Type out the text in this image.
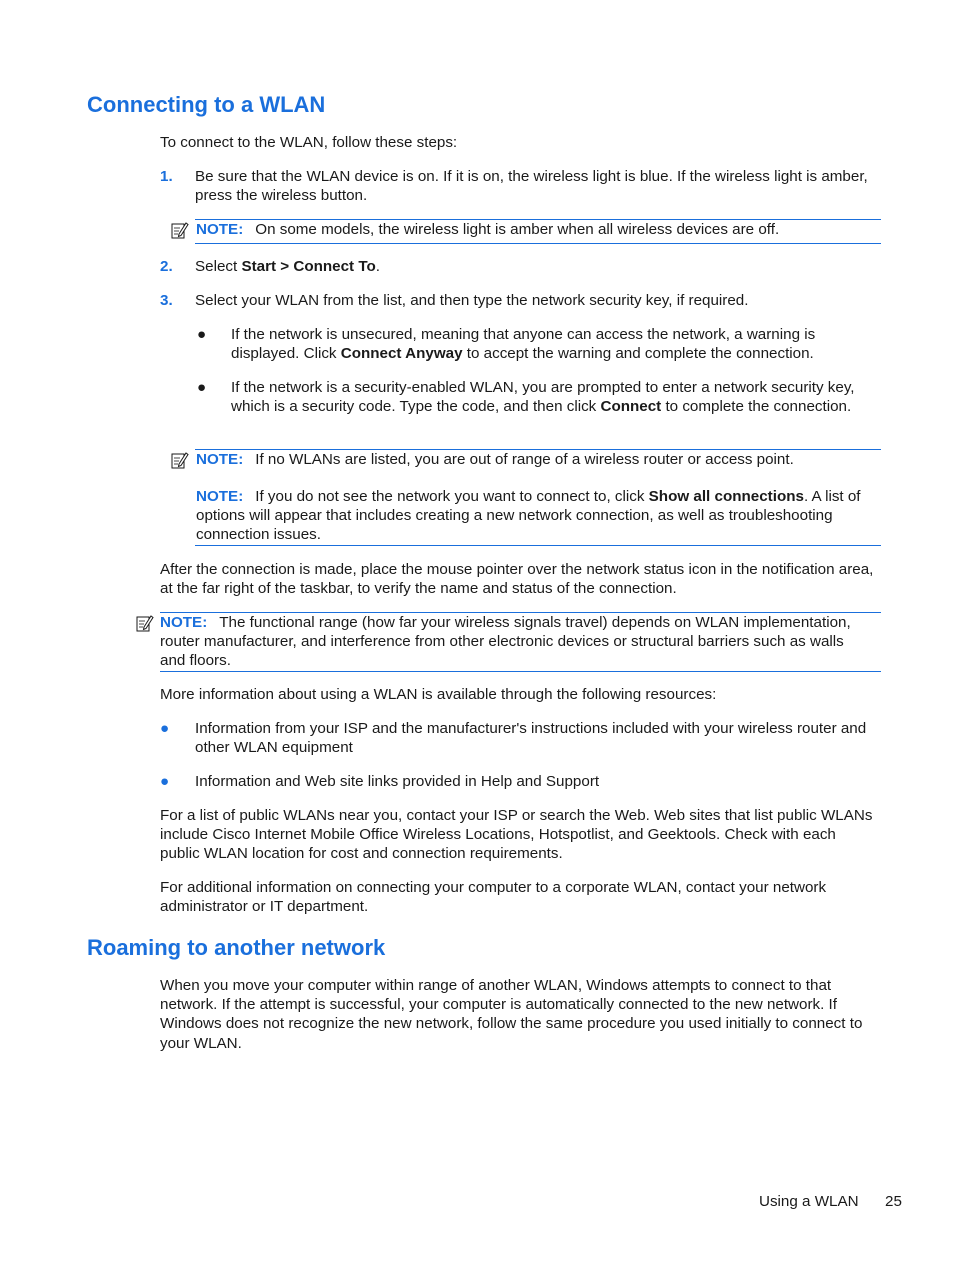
Connecting to a WLAN
To connect to the WLAN, follow these steps:
1. Be sure that the WLAN device is on. If it is on, the wireless light is blue. If the wireless light is amber, press the wireless button.
NOTE: On some models, the wireless light is amber when all wireless devices are off.
2. Select Start > Connect To.
3. Select your WLAN from the list, and then type the network security key, if required.
● If the network is unsecured, meaning that anyone can access the network, a warning is displayed. Click Connect Anyway to accept the warning and complete the connection.
● If the network is a security-enabled WLAN, you are prompted to enter a network security key, which is a security code. Type the code, and then click Connect to complete the connection.
NOTE: If no WLANs are listed, you are out of range of a wireless router or access point.
NOTE: If you do not see the network you want to connect to, click Show all connections. A list of options will appear that includes creating a new network connection, as well as troubleshooting connection issues.
After the connection is made, place the mouse pointer over the network status icon in the notification area, at the far right of the taskbar, to verify the name and status of the connection.
NOTE: The functional range (how far your wireless signals travel) depends on WLAN implementation, router manufacturer, and interference from other electronic devices or structural barriers such as walls and floors.
More information about using a WLAN is available through the following resources:
● Information from your ISP and the manufacturer's instructions included with your wireless router and other WLAN equipment
● Information and Web site links provided in Help and Support
For a list of public WLANs near you, contact your ISP or search the Web. Web sites that list public WLANs include Cisco Internet Mobile Office Wireless Locations, Hotspotlist, and Geektools. Check with each public WLAN location for cost and connection requirements.
For additional information on connecting your computer to a corporate WLAN, contact your network administrator or IT department.
Roaming to another network
When you move your computer within range of another WLAN, Windows attempts to connect to that network. If the attempt is successful, your computer is automatically connected to the new network. If Windows does not recognize the new network, follow the same procedure you used initially to connect to your WLAN.
Using a WLAN 25
